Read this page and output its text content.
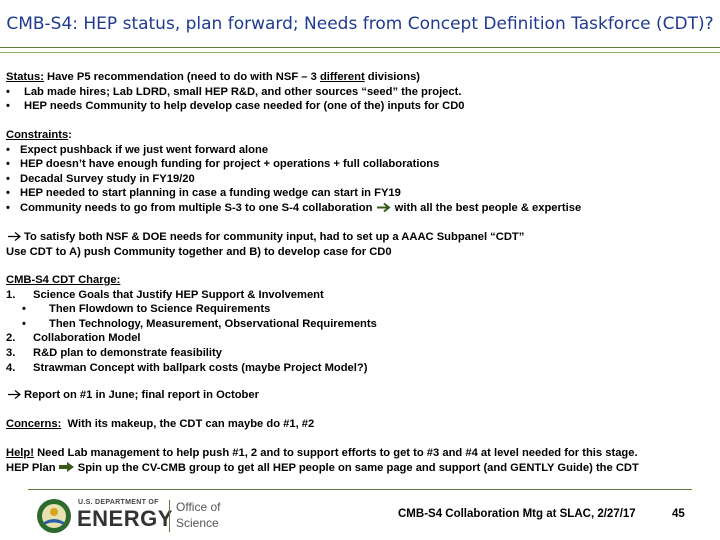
CMB-S4: HEP status, plan forward; Needs from Concept Definition Taskforce (CDT)?
Status: Have P5 recommendation (need to do with NSF – 3 different divisions)
• Lab made hires; Lab LDRD, small HEP R&D, and other sources “seed” the project.
• HEP needs Community to help develop case needed for (one of the) inputs for CD0
Constraints:
• Expect pushback if we just went forward alone
• HEP doesn’t have enough funding for project + operations + full collaborations
• Decadal Survey study in FY19/20
• HEP needed to start planning in case a funding wedge can start in FY19
• Community needs to go from multiple S-3 to one S-4 collaboration with all the best people & expertise
To satisfy both NSF & DOE needs for community input, had to set up a AAAC Subpanel “CDT”
Use CDT to A) push Community together and B) to develop case for CD0
CMB-S4 CDT Charge:
1. Science Goals that Justify HEP Support & Involvement
• Then Flowdown to Science Requirements
• Then Technology, Measurement, Observational Requirements
2. Collaboration Model
3. R&D plan to demonstrate feasibility
4. Strawman Concept with ballpark costs (maybe Project Model?)
Report on #1 in June; final report in October
Concerns:  With its makeup, the CDT can maybe do #1, #2
Help! Need Lab management to help push #1, 2 and to support efforts to get to #3 and #4 at level needed for this stage.
HEP Plan  Spin up the CV-CMB group to get all HEP people on same page and support (and GENTLY Guide) the CDT
U.S. DEPARTMENT OF
ENERGY Office of
Science
CMB-S4 Collaboration Mtg at SLAC, 2/27/17	45
